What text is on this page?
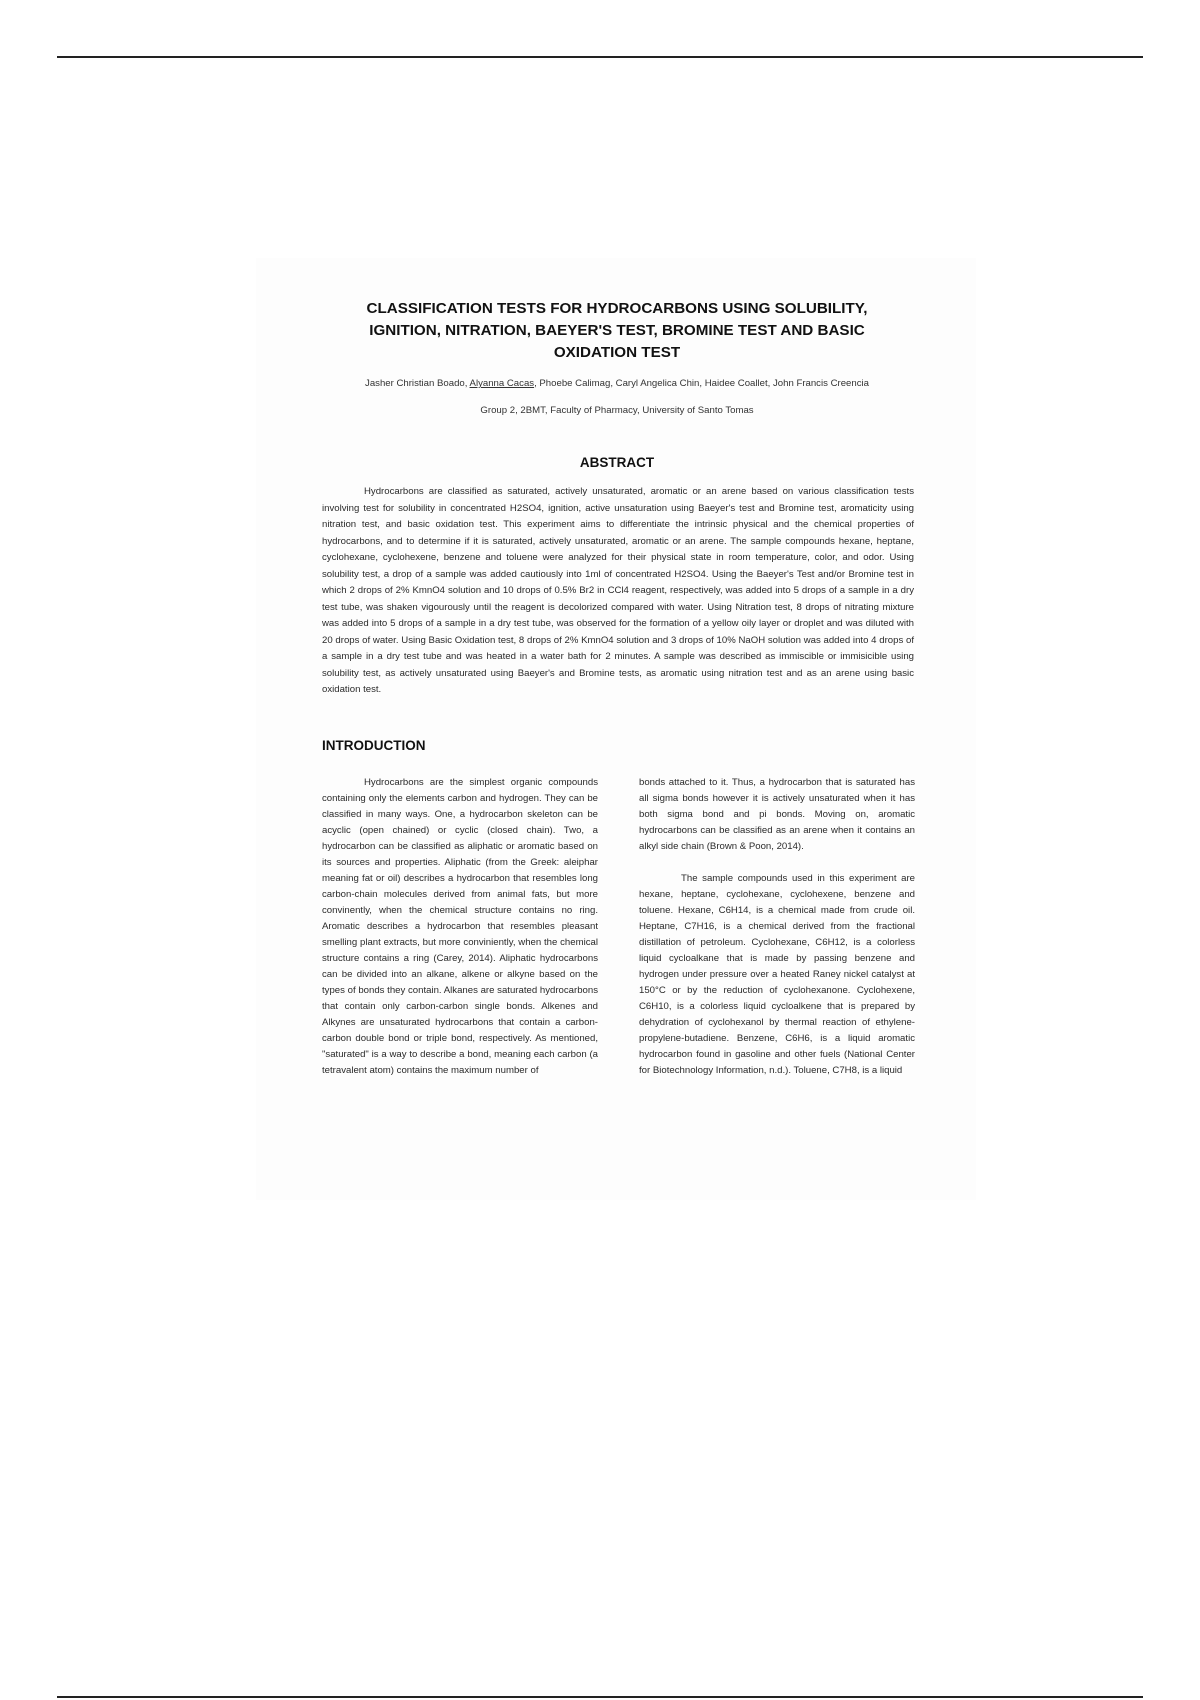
CLASSIFICATION TESTS FOR HYDROCARBONS USING SOLUBILITY,
IGNITION, NITRATION, BAEYER'S TEST, BROMINE TEST AND BASIC
OXIDATION TEST
Jasher Christian Boado, Alyanna Cacas, Phoebe Calimag, Caryl Angelica Chin, Haidee Coallet, John Francis Creencia
Group 2, 2BMT, Faculty of Pharmacy, University of Santo Tomas
ABSTRACT

Hydrocarbons are classified as saturated, actively unsaturated, aromatic or an arene based on various classification tests involving test for solubility in concentrated H2SO4, ignition, active unsaturation using Baeyer's test and Bromine test, aromaticity using nitration test, and basic oxidation test. This experiment aims to differentiate the intrinsic physical and the chemical properties of hydrocarbons, and to determine if it is saturated, actively unsaturated, aromatic or an arene. The sample compounds hexane, heptane, cyclohexane, cyclohexene, benzene and toluene were analyzed for their physical state in room temperature, color, and odor. Using solubility test, a drop of a sample was added cautiously into 1ml of concentrated H2SO4. Using the Baeyer's Test and/or Bromine test in which 2 drops of 2% KmnO4 solution and 10 drops of 0.5% Br2 in CCl4 reagent, respectively, was added into 5 drops of a sample in a dry test tube, was shaken vigourously until the reagent is decolorized compared with water. Using Nitration test, 8 drops of nitrating mixture was added into 5 drops of a sample in a dry test tube, was observed for the formation of a yellow oily layer or droplet and was diluted with 20 drops of water. Using Basic Oxidation test, 8 drops of 2% KmnO4 solution and 3 drops of 10% NaOH solution was added into 4 drops of a sample in a dry test tube and was heated in a water bath for 2 minutes. A sample was described as immiscible or immisicible using solubility test, as actively unsaturated using Baeyer's and Bromine tests, as aromatic using nitration test and as an arene using basic oxidation test.

INTRODUCTION

Hydrocarbons are the simplest organic compounds containing only the elements carbon and hydrogen. They can be classified in many ways. One, a hydrocarbon skeleton can be acyclic (open chained) or cyclic (closed chain). Two, a hydrocarbon can be classified as aliphatic or aromatic based on its sources and properties. Aliphatic (from the Greek: aleiphar meaning fat or oil) describes a hydrocarbon that resembles long carbon-chain molecules derived from animal fats, but more convinently, when the chemical structure contains no ring. Aromatic describes a hydrocarbon that resembles pleasant smelling plant extracts, but more conviniently, when the chemical structure contains a ring (Carey, 2014). Aliphatic hydrocarbons can be divided into an alkane, alkene or alkyne based on the types of bonds they contain. Alkanes are saturated hydrocarbons that contain only carbon-carbon single bonds. Alkenes and Alkynes are unsaturated hydrocarbons that contain a carbon-carbon double bond or triple bond, respectively. As mentioned, "saturated" is a way to describe a bond, meaning each carbon (a tetravalent atom) contains the maximum number of

bonds attached to it. Thus, a hydrocarbon that is saturated has all sigma bonds however it is actively unsaturated when it has both sigma bond and pi bonds. Moving on, aromatic hydrocarbons can be classified as an arene when it contains an alkyl side chain (Brown & Poon, 2014).

The sample compounds used in this experiment are hexane, heptane, cyclohexane, cyclohexene, benzene and toluene. Hexane, C6H14, is a chemical made from crude oil. Heptane, C7H16, is a chemical derived from the fractional distillation of petroleum. Cyclohexane, C6H12, is a colorless liquid cycloalkane that is made by passing benzene and hydrogen under pressure over a heated Raney nickel catalyst at 150°C or by the reduction of cyclohexanone. Cyclohexene, C6H10, is a colorless liquid cycloalkene that is prepared by dehydration of cyclohexanol by thermal reaction of ethylene-propylene-butadiene. Benzene, C6H6, is a liquid aromatic hydrocarbon found in gasoline and other fuels (National Center for Biotechnology Information, n.d.). Toluene, C7H8, is a liquid
